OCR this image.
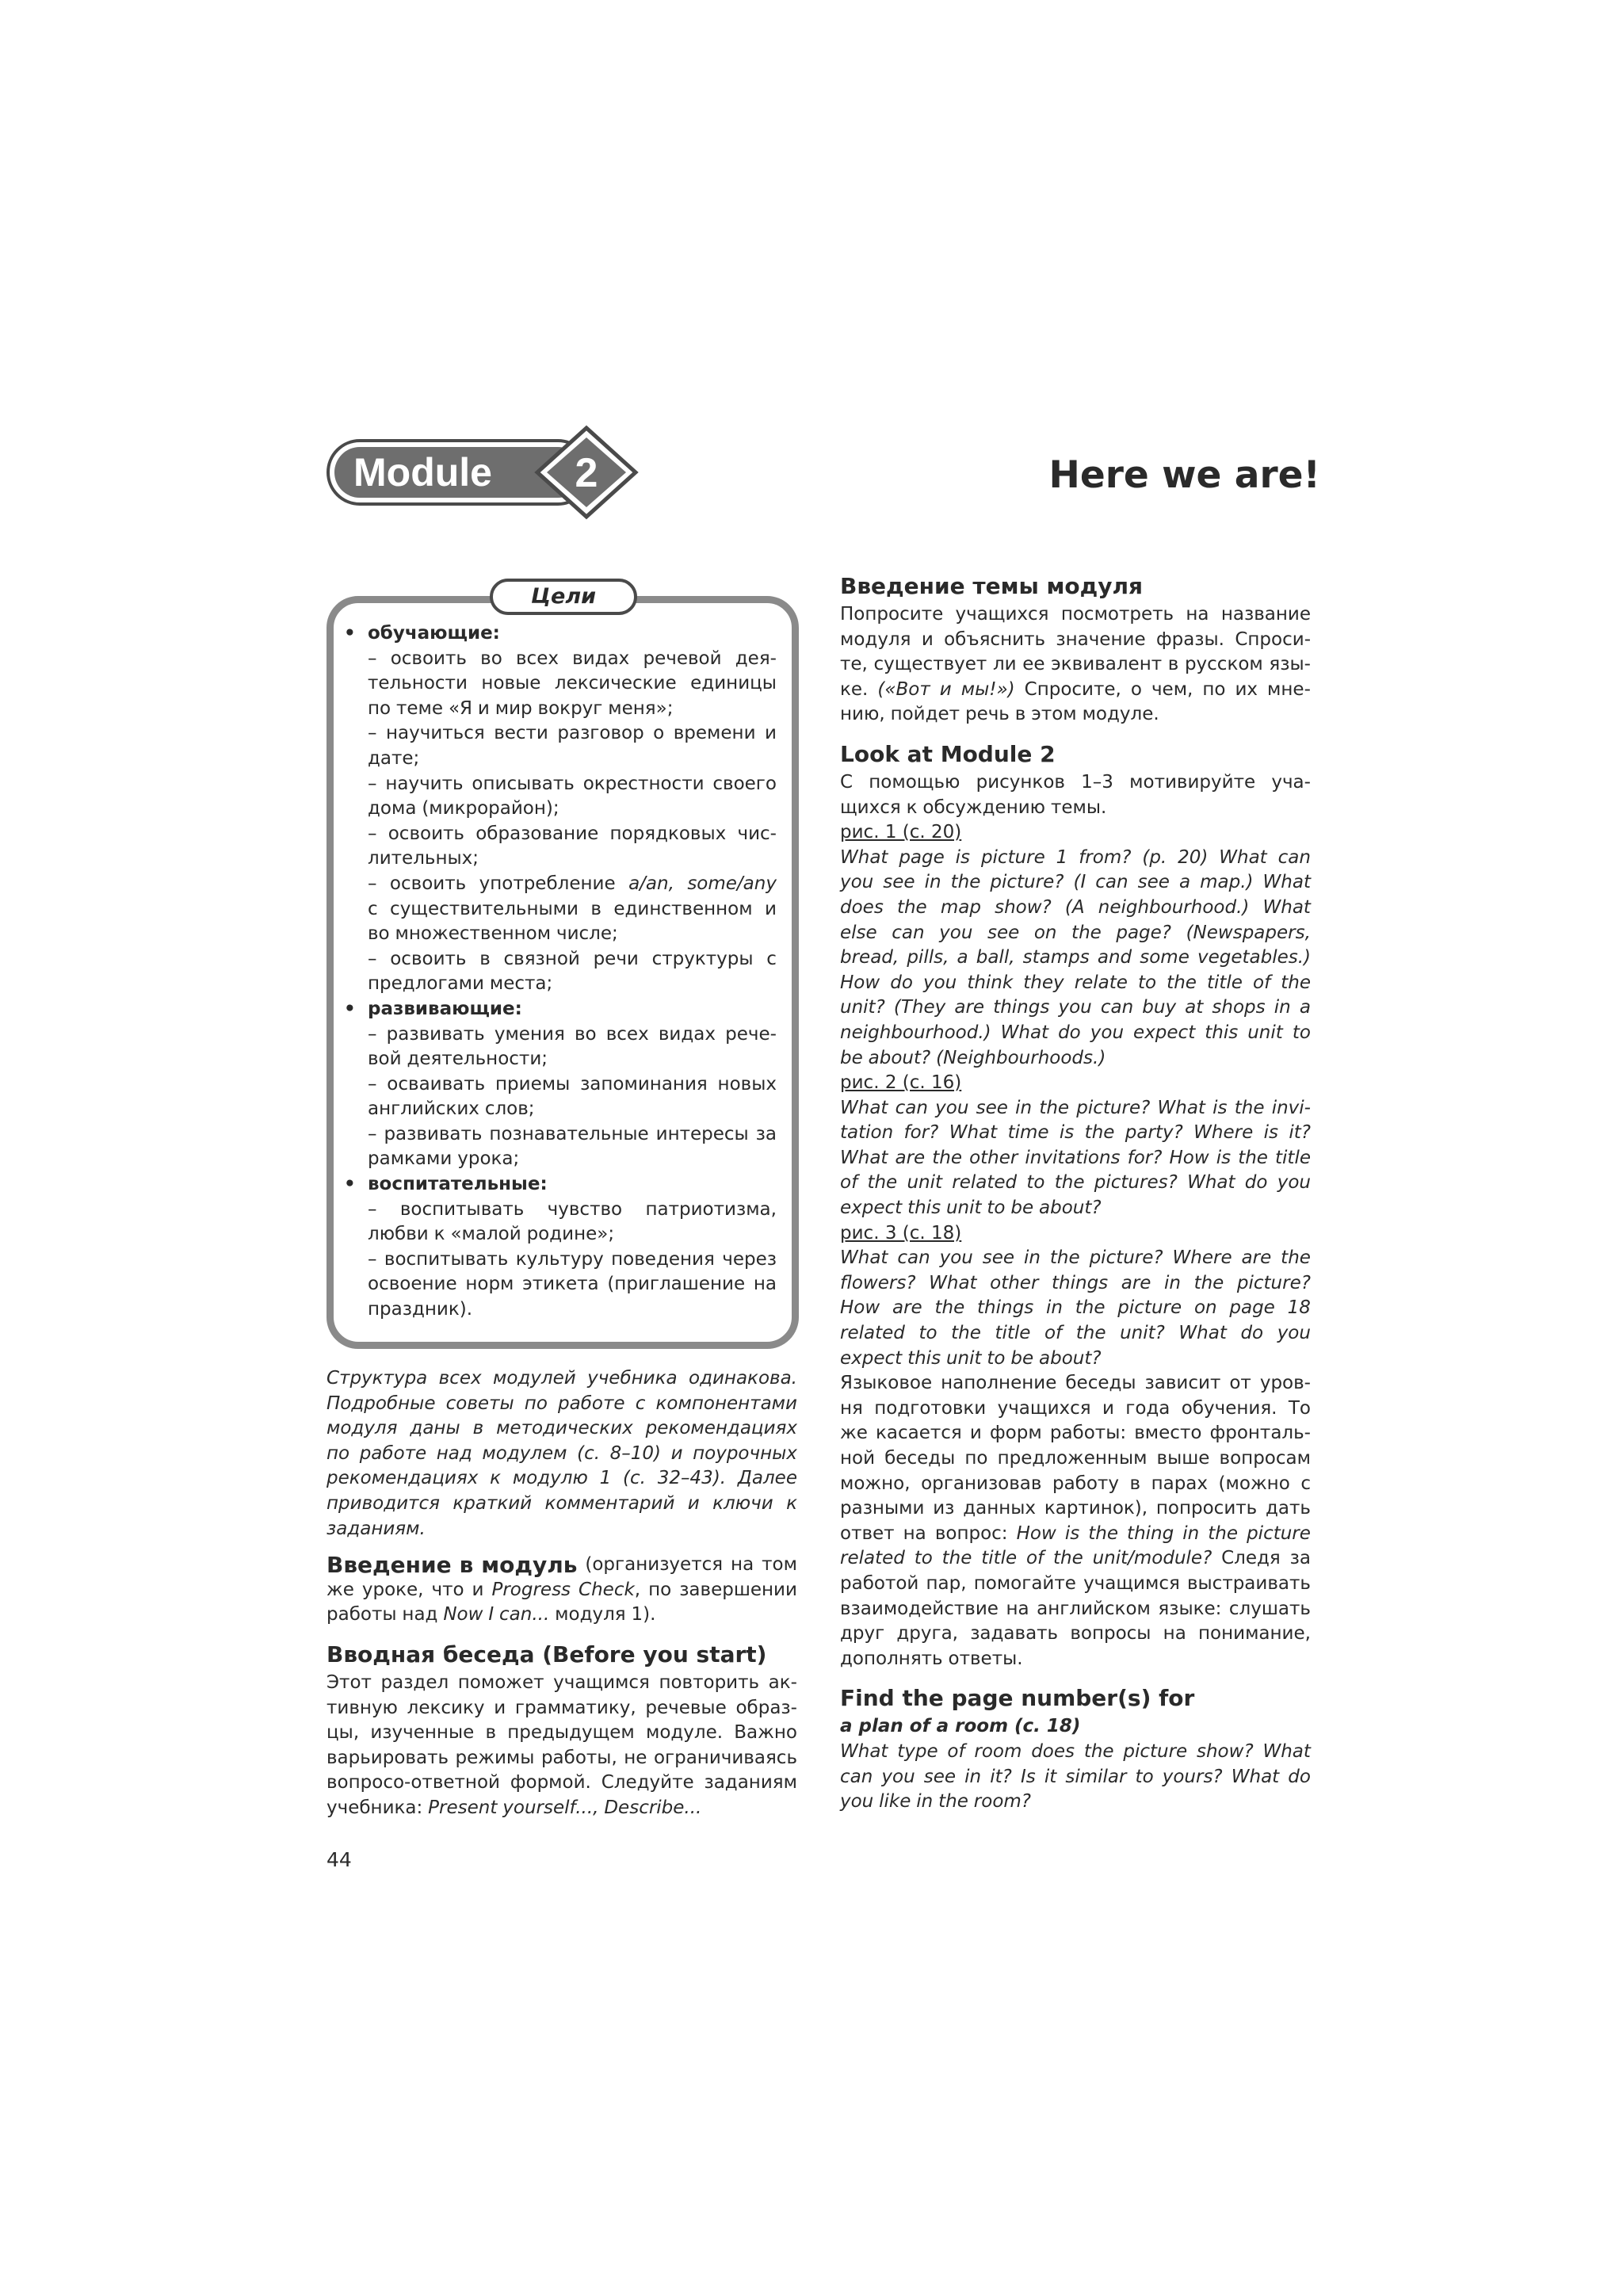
Module 2	Here we are!
Цели
• обучающие:
– освоить во всех видах речевой дея-
тельности новые лексические единицы
по теме «Я и мир вокруг меня»;
– научиться вести разговор о времени и
дате;
– научить описывать окрестности своего
дома (микрорайон);
– освоить образование порядковых чис-
лительных;
– освоить употребление a/an, some/any
с существительными в единственном и
во множественном числе;
– освоить в связной речи структуры с
предлогами места;
• развивающие:
– развивать умения во всех видах рече-
вой деятельности;
– осваивать приемы запоминания новых
английских слов;
– развивать познавательные интересы за
рамками урока;
• воспитательные:
– воспитывать чувство патриотизма,
любви к «малой родине»;
– воспитывать культуру поведения через
освоение норм этикета (приглашение на
праздник).
Структура всех модулей учебника одинакова.
Подробные советы по работе с компонентами
модуля даны в методических рекомендациях
по работе над модулем (с. 8–10) и поурочных
рекомендациях к модулю 1 (с. 32–43). Далее
приводится краткий комментарий и ключи к
заданиям.
Введение в модуль (организуется на том
же уроке, что и Progress Check, по завершении
работы над Now I can... модуля 1).
Вводная беседа (Before you start)
Этот раздел поможет учащимся повторить ак-
тивную лексику и грамматику, речевые образ-
цы, изученные в предыдущем модуле. Важно
варьировать режимы работы, не ограничиваясь
вопросо-ответной формой. Следуйте заданиям
учебника: Present yourself..., Describe...
Введение темы модуля
Попросите учащихся посмотреть на название
модуля и объяснить значение фразы. Спроси-
те, существует ли ее эквивалент в русском язы-
ке. («Вот и мы!») Спросите, о чем, по их мне-
нию, пойдет речь в этом модуле.
Look at Module 2
С помощью рисунков 1–3 мотивируйте уча-
щихся к обсуждению темы.
рис. 1 (с. 20)
What page is picture 1 from? (p. 20) What can
you see in the picture? (I can see a map.) What
does the map show? (A neighbourhood.) What
else can you see on the page? (Newspapers,
bread, pills, a ball, stamps and some vegetables.)
How do you think they relate to the title of the
unit? (They are things you can buy at shops in a
neighbourhood.) What do you expect this unit to
be about? (Neighbourhoods.)
рис. 2 (с. 16)
What can you see in the picture? What is the invi-
tation for? What time is the party? Where is it?
What are the other invitations for? How is the title
of the unit related to the pictures? What do you
expect this unit to be about?
рис. 3 (с. 18)
What can you see in the picture? Where are the
flowers? What other things are in the picture?
How are the things in the picture on page 18
related to the title of the unit? What do you
expect this unit to be about?
Языковое наполнение беседы зависит от уров-
ня подготовки учащихся и года обучения. То
же касается и форм работы: вместо фронталь-
ной беседы по предложенным выше вопросам
можно, организовав работу в парах (можно с
разными из данных картинок), попросить дать
ответ на вопрос: How is the thing in the picture
related to the title of the unit/module? Следя за
работой пар, помогайте учащимся выстраивать
взаимодействие на английском языке: слушать
друг друга, задавать вопросы на понимание,
дополнять ответы.
Find the page number(s) for
a plan of a room (c. 18)
What type of room does the picture show? What
can you see in it? Is it similar to yours? What do
you like in the room?
44
